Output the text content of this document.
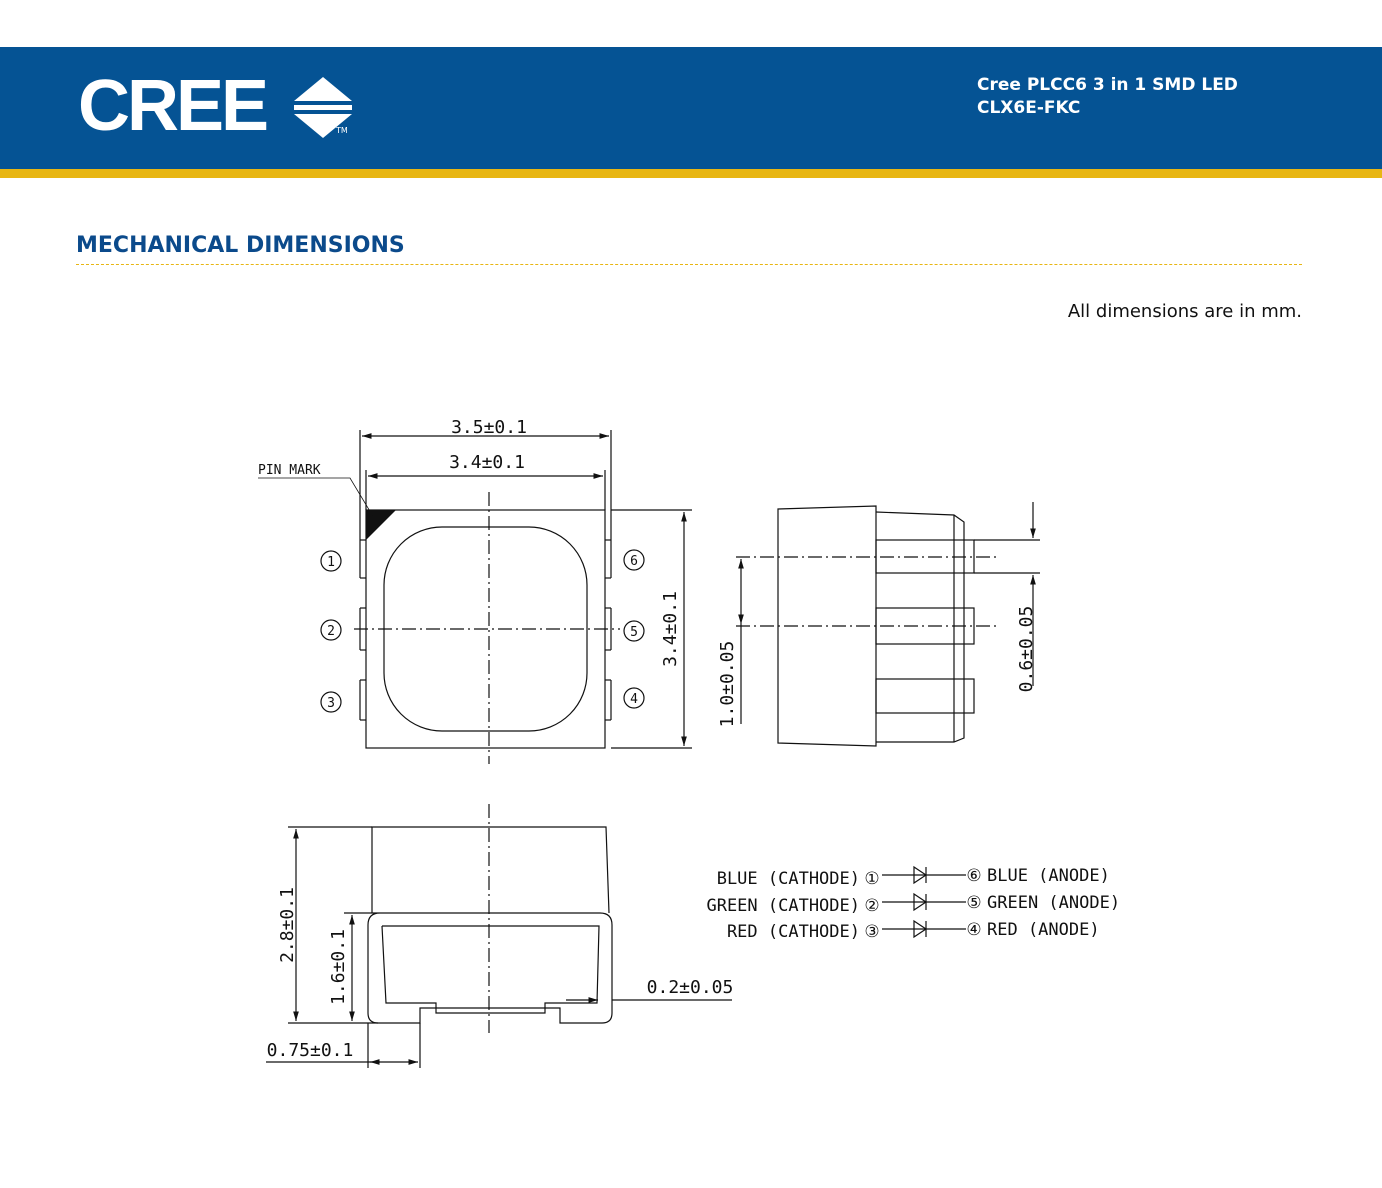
CREE	TM
Cree PLCC6 3 in 1 SMD LED
CLX6E-FKC
MECHANICAL DIMENSIONS
All dimensions are in mm.
3.5±0.1
3.4±0.1
PIN MARK
3.4±0.1
1
2
3
6
5
4	1.0±0.05	0.6±0.05
2.8±0.1
1.6±0.1	0.2±0.05
0.75±0.1
BLUE (CATHODE) ①	⑥ BLUE (ANODE)
GREEN (CATHODE) ②	⑤ GREEN (ANODE)
RED (CATHODE) ③	④ RED (ANODE)
